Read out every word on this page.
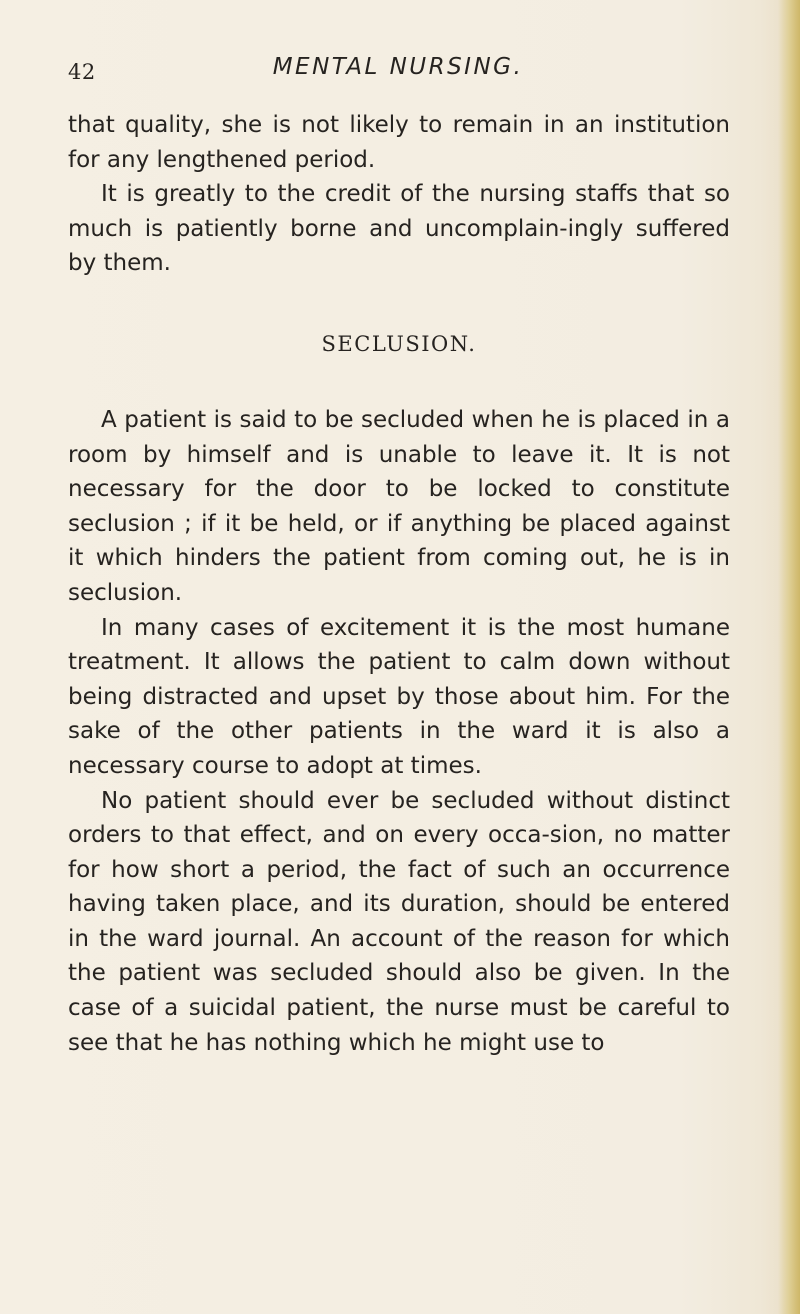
42	MENTAL NURSING.

that quality, she is not likely to remain in an institution for any lengthened period.

It is greatly to the credit of the nursing staffs that so much is patiently borne and uncomplain-ingly suffered by them.

SECLUSION.

A patient is said to be secluded when he is placed in a room by himself and is unable to leave it. It is not necessary for the door to be locked to constitute seclusion ; if it be held, or if anything be placed against it which hinders the patient from coming out, he is in seclusion.

In many cases of excitement it is the most humane treatment. It allows the patient to calm down without being distracted and upset by those about him. For the sake of the other patients in the ward it is also a necessary course to adopt at times.

No patient should ever be secluded without distinct orders to that effect, and on every occa-sion, no matter for how short a period, the fact of such an occurrence having taken place, and its duration, should be entered in the ward journal. An account of the reason for which the patient was secluded should also be given. In the case of a suicidal patient, the nurse must be careful to see that he has nothing which he might use to
